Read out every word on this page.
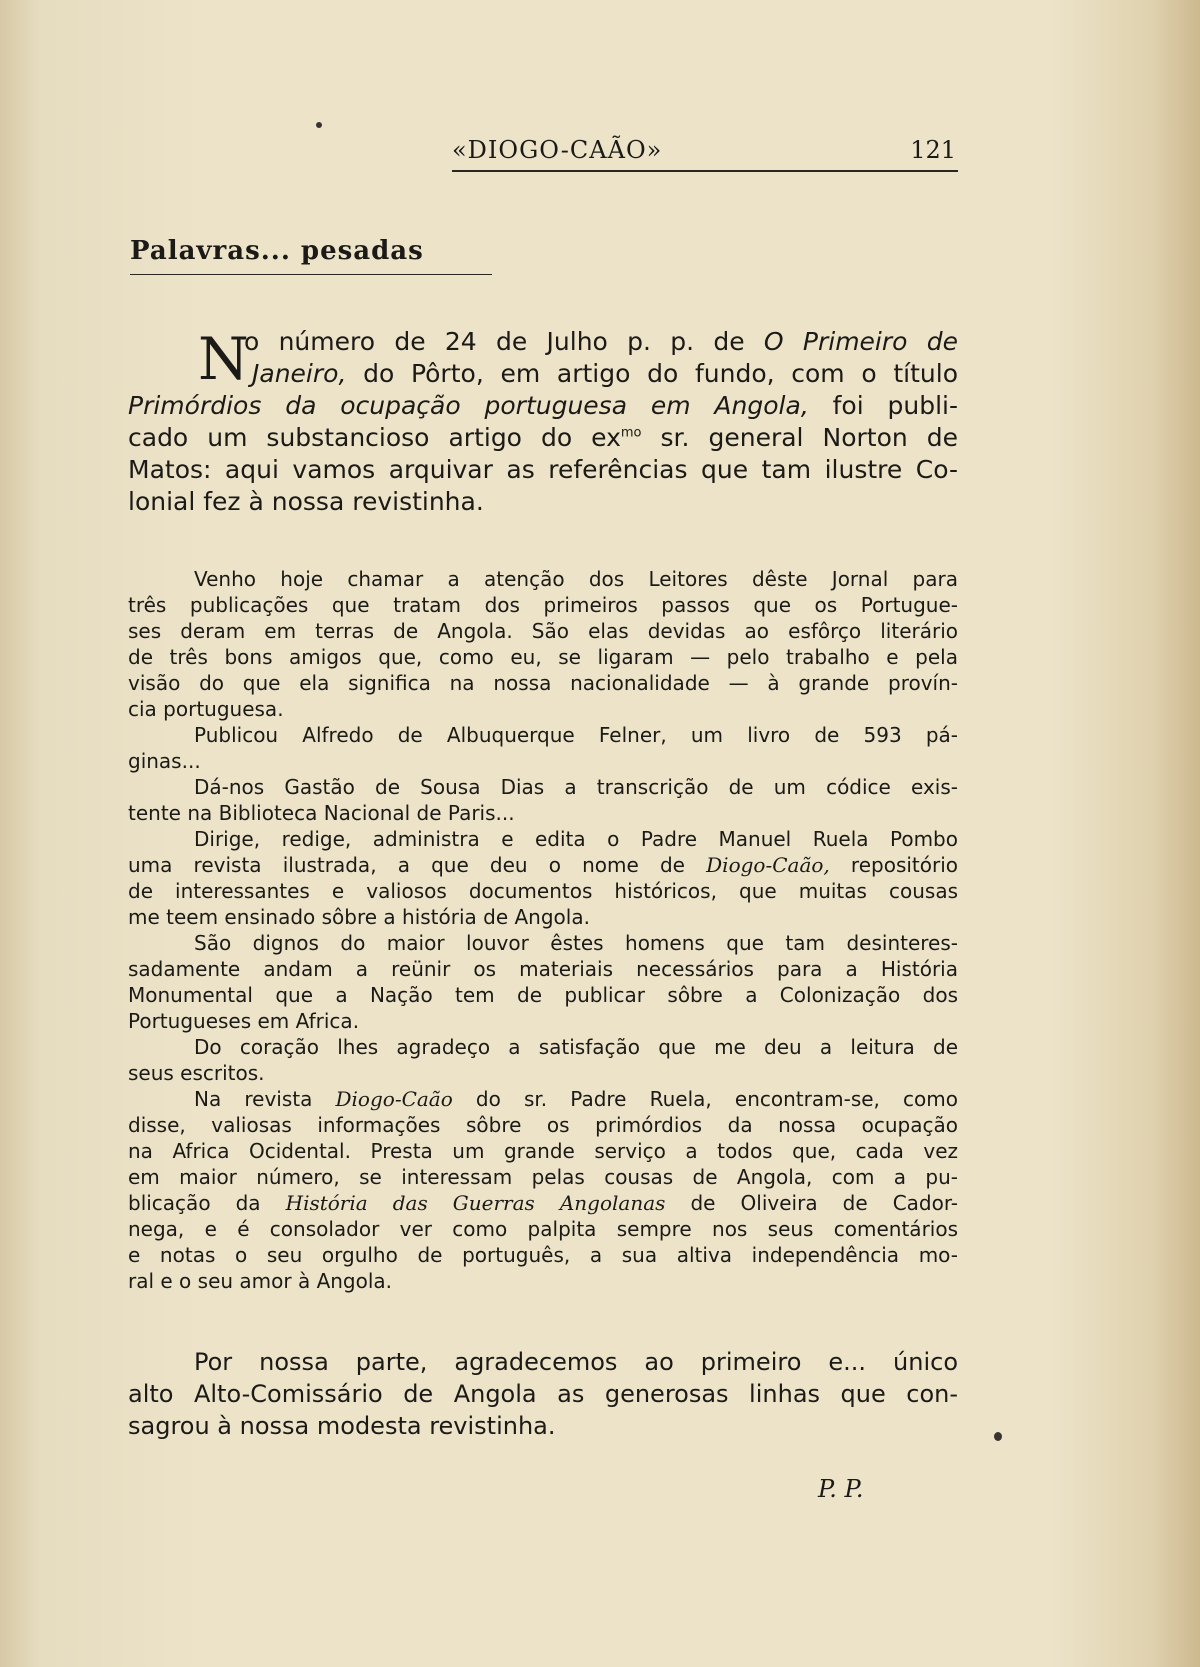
«DIOGO-CAÃO»	121
Palavras... pesadas
N
o número de 24 de Julho p. p. de O Primeiro de
Janeiro, do Pôrto, em artigo do fundo, com o título
Primórdios da ocupação portuguesa em Angola, foi publi-
cado um substancioso artigo do $ex^{mo}$ sr. general Norton de
Matos: aqui vamos arquivar as referências que tam ilustre Co-
lonial fez à nossa revistinha.
Venho hoje chamar a atenção dos Leitores dêste Jornal para
três publicações que tratam dos primeiros passos que os Portugue-
ses deram em terras de Angola. São elas devidas ao esfôrço literário
de três bons amigos que, como eu, se ligaram — pelo trabalho e pela
visão do que ela significa na nossa nacionalidade — à grande provín-
cia portuguesa.
Publicou Alfredo de Albuquerque Felner, um livro de 593 pá-
ginas...
Dá-nos Gastão de Sousa Dias a transcrição de um códice exis-
tente na Biblioteca Nacional de Paris...
Dirige, redige, administra e edita o Padre Manuel Ruela Pombo
uma revista ilustrada, a que deu o nome de Diogo-Caão, repositório
de interessantes e valiosos documentos históricos, que muitas cousas
me teem ensinado sôbre a história de Angola.
São dignos do maior louvor êstes homens que tam desinteres-
sadamente andam a reünir os materiais necessários para a História
Monumental que a Nação tem de publicar sôbre a Colonização dos
Portugueses em Africa.
Do coração lhes agradeço a satisfação que me deu a leitura de
seus escritos.
Na revista Diogo-Caão do sr. Padre Ruela, encontram-se, como
disse, valiosas informações sôbre os primórdios da nossa ocupação
na Africa Ocidental. Presta um grande serviço a todos que, cada vez
em maior número, se interessam pelas cousas de Angola, com a pu-
blicação da História das Guerras Angolanas de Oliveira de Cador-
nega, e é consolador ver como palpita sempre nos seus comentários
e notas o seu orgulho de português, a sua altiva independência mo-
ral e o seu amor à Angola.
Por nossa parte, agradecemos ao primeiro e... único
alto Alto-Comissário de Angola as generosas linhas que con-
sagrou à nossa modesta revistinha.
P. P.
